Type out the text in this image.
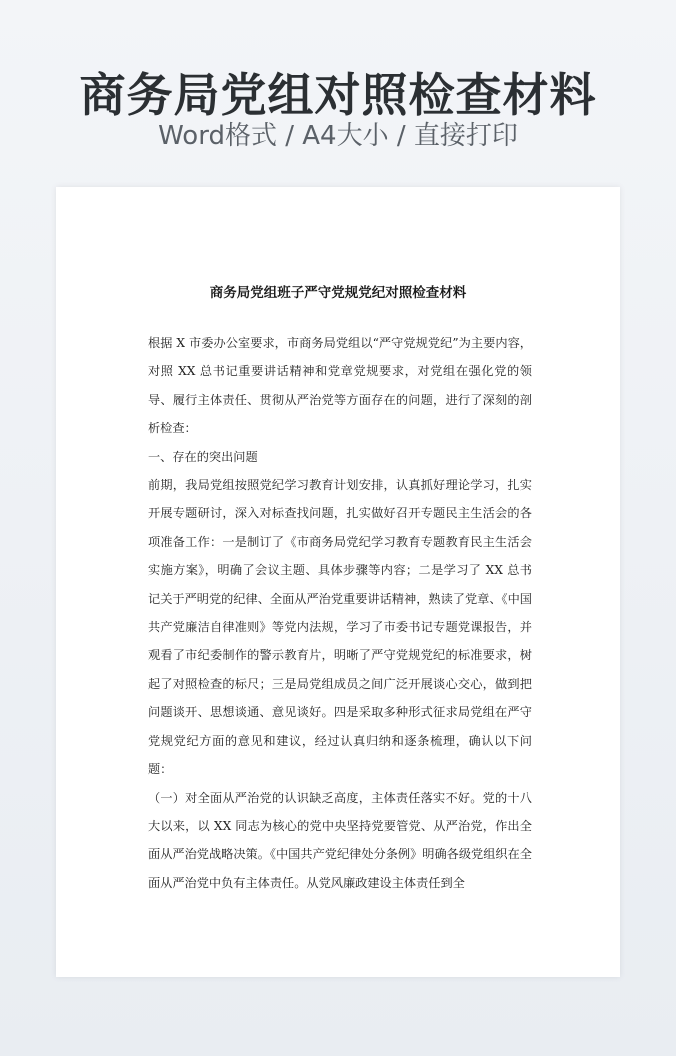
商务局党组对照检查材料

Word格式 / A4大小 / 直接打印

商务局党组班子严守党规党纪对照检查材料

根据 X 市委办公室要求，市商务局党组以“严守党规党纪”为主要内容，对照 XX 总书记重要讲话精神和党章党规要求，对党组在强化党的领导、履行主体责任、贯彻从严治党等方面存在的问题，进行了深刻的剖析检查：

一、存在的突出问题

前期，我局党组按照党纪学习教育计划安排，认真抓好理论学习，扎实开展专题研讨，深入对标查找问题，扎实做好召开专题民主生活会的各项准备工作：一是制订了《市商务局党纪学习教育专题教育民主生活会实施方案》，明确了会议主题、具体步骤等内容；二是学习了 XX 总书记关于严明党的纪律、全面从严治党重要讲话精神，熟读了党章、《中国共产党廉洁自律准则》等党内法规，学习了市委书记专题党课报告，并观看了市纪委制作的警示教育片，明晰了严守党规党纪的标准要求，树起了对照检查的标尺；三是局党组成员之间广泛开展谈心交心，做到把问题谈开、思想谈通、意见谈好。四是采取多种形式征求局党组在严守党规党纪方面的意见和建议，经过认真归纳和逐条梳理，确认以下问题：

（一）对全面从严治党的认识缺乏高度，主体责任落实不好。党的十八大以来，以 XX 同志为核心的党中央坚持党要管党、从严治党，作出全面从严治党战略决策。《中国共产党纪律处分条例》明确各级党组织在全面从严治党中负有主体责任。从党风廉政建设主体责任到全
